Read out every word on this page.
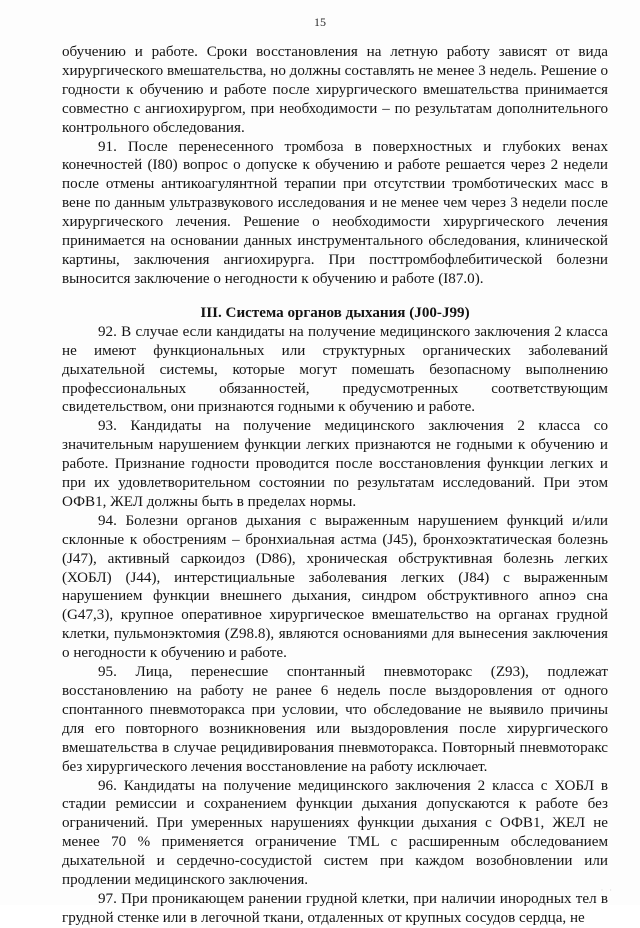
15

обучению и работе. Сроки восстановления на летную работу зависят от вида хирургического вмешательства, но должны составлять не менее 3 недель. Решение о годности к обучению и работе после хирургического вмешательства принимается совместно с ангиохирургом, при необходимости – по результатам дополнительного контрольного обследования.

91. После перенесенного тромбоза в поверхностных и глубоких венах конечностей (I80) вопрос о допуске к обучению и работе решается через 2 недели после отмены антикоагулянтной терапии при отсутствии тромботических масс в вене по данным ультразвукового исследования и не менее чем через 3 недели после хирургического лечения. Решение о необходимости хирургического лечения принимается на основании данных инструментального обследования, клинической картины, заключения ангиохирурга. При посттромбофлебитической болезни выносится заключение о негодности к обучению и работе (I87.0).

III. Система органов дыхания (J00-J99)

92. В случае если кандидаты на получение медицинского заключения 2 класса не имеют функциональных или структурных органических заболеваний дыхательной системы, которые могут помешать безопасному выполнению профессиональных обязанностей, предусмотренных соответствующим свидетельством, они признаются годными к обучению и работе.

93. Кандидаты на получение медицинского заключения 2 класса со значительным нарушением функции легких признаются не годными к обучению и работе. Признание годности проводится после восстановления функции легких и при их удовлетворительном состоянии по результатам исследований. При этом ОФВ1, ЖЕЛ должны быть в пределах нормы.

94. Болезни органов дыхания с выраженным нарушением функций и/или склонные к обострениям – бронхиальная астма (J45), бронхоэктатическая болезнь (J47), активный саркоидоз (D86), хроническая обструктивная болезнь легких (ХОБЛ) (J44), интерстициальные заболевания легких (J84) с выраженным нарушением функции внешнего дыхания, синдром обструктивного апноэ сна (G47,3), крупное оперативное хирургическое вмешательство на органах грудной клетки, пульмонэктомия (Z98.8), являются основаниями для вынесения заключения о негодности к обучению и работе.

95. Лица, перенесшие спонтанный пневмоторакс (Z93), подлежат восстановлению на работу не ранее 6 недель после выздоровления от одного спонтанного пневмоторакса при условии, что обследование не выявило причины для его повторного возникновения или выздоровления после хирургического вмешательства в случае рецидивирования пневмоторакса. Повторный пневмоторакс без хирургического лечения восстановление на работу исключает.

96. Кандидаты на получение медицинского заключения 2 класса с ХОБЛ в стадии ремиссии и сохранением функции дыхания допускаются к работе без ограничений. При умеренных нарушениях функции дыхания с ОФВ1, ЖЕЛ не менее 70 % применяется ограничение TML с расширенным обследованием дыхательной и сердечно-сосудистой систем при каждом возобновлении или продлении медицинского заключения.

97. При проникающем ранении грудной клетки, при наличии инородных тел в грудной стенке или в легочной ткани, отдаленных от крупных сосудов сердца, не

· ·
